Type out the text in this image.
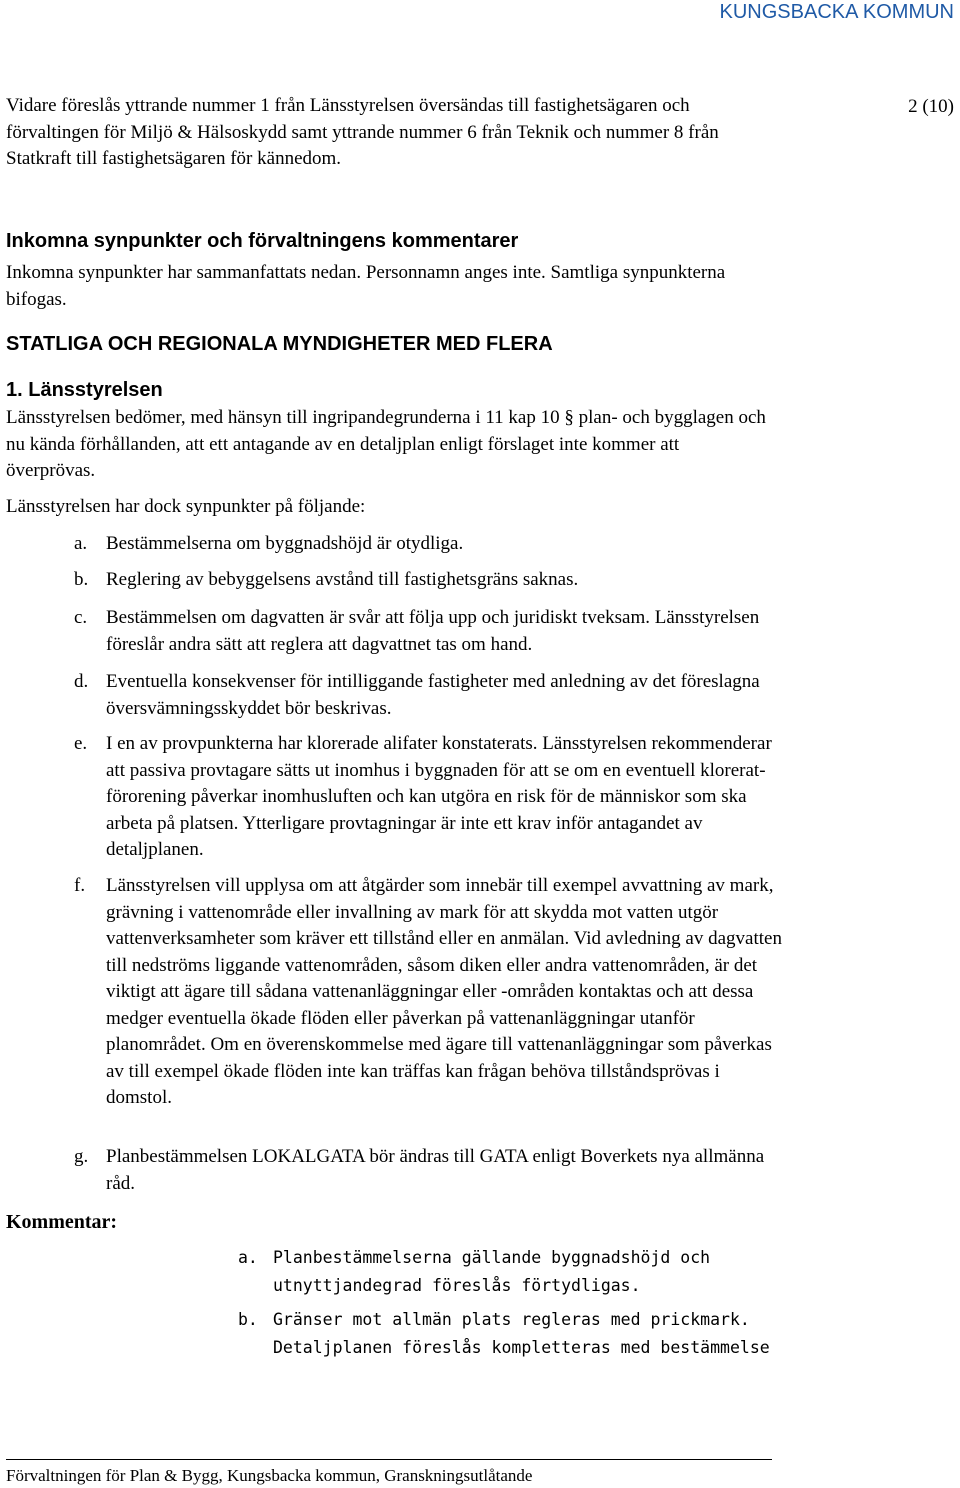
KUNGSBACKA KOMMUN
2 (10)
Vidare föreslås yttrande nummer 1 från Länsstyrelsen översändas till fastighetsägaren och förvaltingen för Miljö & Hälsoskydd samt yttrande nummer 6 från Teknik och nummer 8 från Statkraft till fastighetsägaren för kännedom.
Inkomna synpunkter och förvaltningens kommentarer
Inkomna synpunkter har sammanfattats nedan. Personnamn anges inte. Samtliga synpunkterna bifogas.
STATLIGA OCH REGIONALA MYNDIGHETER MED FLERA
1. Länsstyrelsen
Länsstyrelsen bedömer, med hänsyn till ingripandegrunderna i 11 kap 10 § plan- och bygglagen och nu kända förhållanden, att ett antagande av en detaljplan enligt förslaget inte kommer att överprövas.
Länsstyrelsen har dock synpunkter på följande:
a. Bestämmelserna om byggnadshöjd är otydliga.
b. Reglering av bebyggelsens avstånd till fastighetsgräns saknas.
c. Bestämmelsen om dagvatten är svår att följa upp och juridiskt tveksam. Länsstyrelsen föreslår andra sätt att reglera att dagvattnet tas om hand.
d. Eventuella konsekvenser för intilliggande fastigheter med anledning av det föreslagna översvämningsskyddet bör beskrivas.
e. I en av provpunkterna har klorerade alifater konstaterats. Länsstyrelsen rekommenderar att passiva provtagare sätts ut inomhus i byggnaden för att se om en eventuell klorerat-förorening påverkar inomhusluften och kan utgöra en risk för de människor som ska arbeta på platsen. Ytterligare provtagningar är inte ett krav inför antagandet av detaljplanen.
f. Länsstyrelsen vill upplysa om att åtgärder som innebär till exempel avvattning av mark, grävning i vattenområde eller invallning av mark för att skydda mot vatten utgör vattenverksamheter som kräver ett tillstånd eller en anmälan. Vid avledning av dagvatten till nedströms liggande vattenområden, såsom diken eller andra vattenområden, är det viktigt att ägare till sådana vattenanläggningar eller -områden kontaktas och att dessa medger eventuella ökade flöden eller påverkan på vattenanläggningar utanför planområdet. Om en överenskommelse med ägare till vattenanläggningar som påverkas av till exempel ökade flöden inte kan träffas kan frågan behöva tillståndsprövas i domstol.
g. Planbestämmelsen LOKALGATA bör ändras till GATA enligt Boverkets nya allmänna råd.
Kommentar:
a. Planbestämmelserna gällande byggnadshöjd och utnyttjandegrad föreslås förtydligas.
b. Gränser mot allmän plats regleras med prickmark. Detaljplanen föreslås kompletteras med bestämmelse
Förvaltningen för Plan & Bygg, Kungsbacka kommun, Granskningsutlåtande
